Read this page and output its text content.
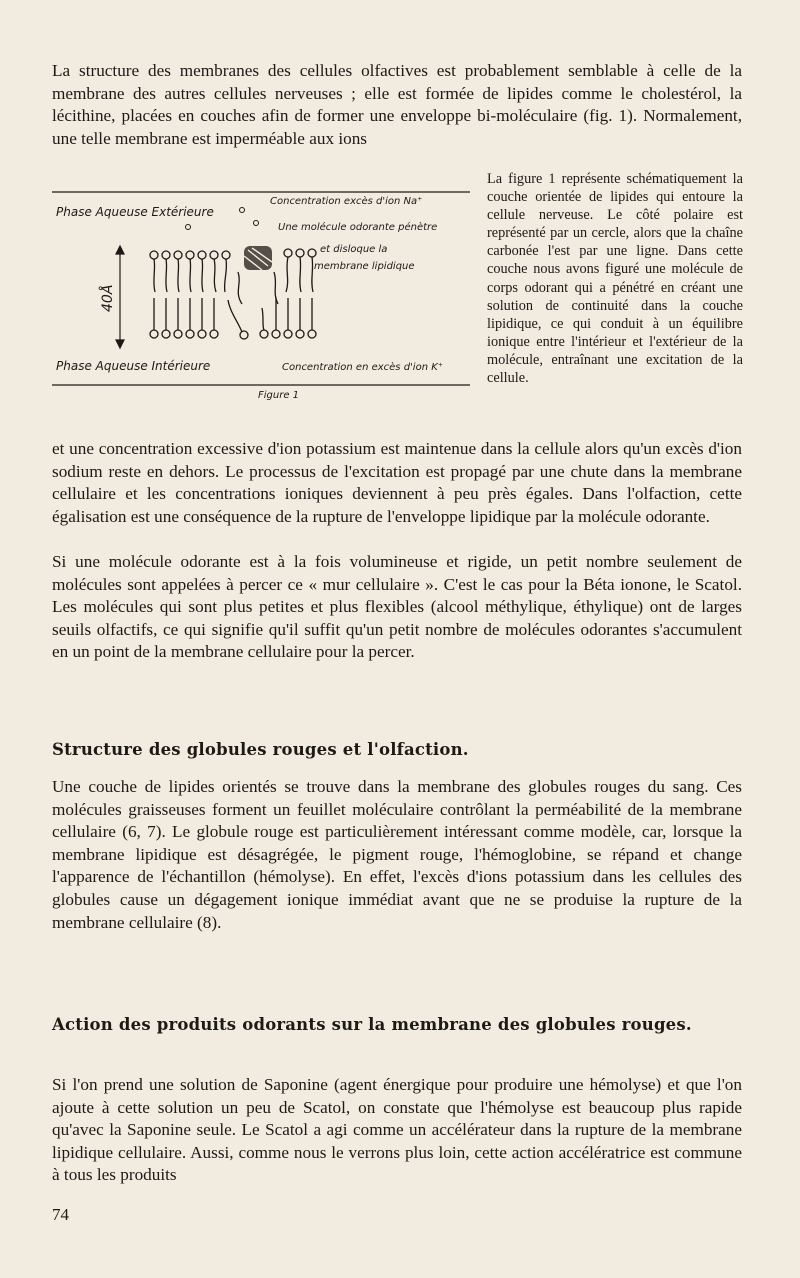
La structure des membranes des cellules olfactives est probablement semblable à celle de la membrane des autres cellules nerveuses ; elle est formée de lipides comme le cholestérol, la lécithine, placées en couches afin de former une enveloppe bi-moléculaire (fig. 1). Normalement, une telle membrane est imperméable aux ions

Phase Aqueuse Extérieure
Concentration excès d'ion Na⁺
Une molécule odorante pénètre
et disloque la
membrane lipidique
40Å
Phase Aqueuse Intérieure	Concentration en excès d'ion K⁺
Figure 1

La figure 1 représente schématiquement la couche orientée de lipides qui entoure la cellule nerveuse. Le côté polaire est représenté par un cercle, alors que la chaîne carbonée l'est par une ligne. Dans cette couche nous avons figuré une molécule de corps odorant qui a pénétré en créant une solution de continuité dans la couche lipidique, ce qui conduit à un équilibre ionique entre l'intérieur et l'extérieur de la molécule, entraînant une excitation de la cellule.

et une concentration excessive d'ion potassium est maintenue dans la cellule alors qu'un excès d'ion sodium reste en dehors. Le processus de l'excitation est propagé par une chute dans la membrane cellulaire et les concentrations ioniques deviennent à peu près égales. Dans l'olfaction, cette égalisation est une conséquence de la rupture de l'enveloppe lipidique par la molécule odorante.

Si une molécule odorante est à la fois volumineuse et rigide, un petit nombre seulement de molécules sont appelées à percer ce « mur cellulaire ». C'est le cas pour la Béta ionone, le Scatol. Les molécules qui sont plus petites et plus flexibles (alcool méthylique, éthylique) ont de larges seuils olfactifs, ce qui signifie qu'il suffit qu'un petit nombre de molécules odorantes s'accumulent en un point de la membrane cellulaire pour la percer.

Structure des globules rouges et l'olfaction.

Une couche de lipides orientés se trouve dans la membrane des globules rouges du sang. Ces molécules graisseuses forment un feuillet moléculaire contrôlant la perméabilité de la membrane cellulaire (6, 7). Le globule rouge est particulièrement intéressant comme modèle, car, lorsque la membrane lipidique est désagrégée, le pigment rouge, l'hémoglobine, se répand et change l'apparence de l'échantillon (hémolyse). En effet, l'excès d'ions potassium dans les cellules des globules cause un dégagement ionique immédiat avant que ne se produise la rupture de la membrane cellulaire (8).

Action des produits odorants sur la membrane des globules rouges.

Si l'on prend une solution de Saponine (agent énergique pour produire une hémolyse) et que l'on ajoute à cette solution un peu de Scatol, on constate que l'hémolyse est beaucoup plus rapide qu'avec la Saponine seule. Le Scatol a agi comme un accélérateur dans la rupture de la membrane lipidique cellulaire. Aussi, comme nous le verrons plus loin, cette action accélératrice est commune à tous les produits

74
